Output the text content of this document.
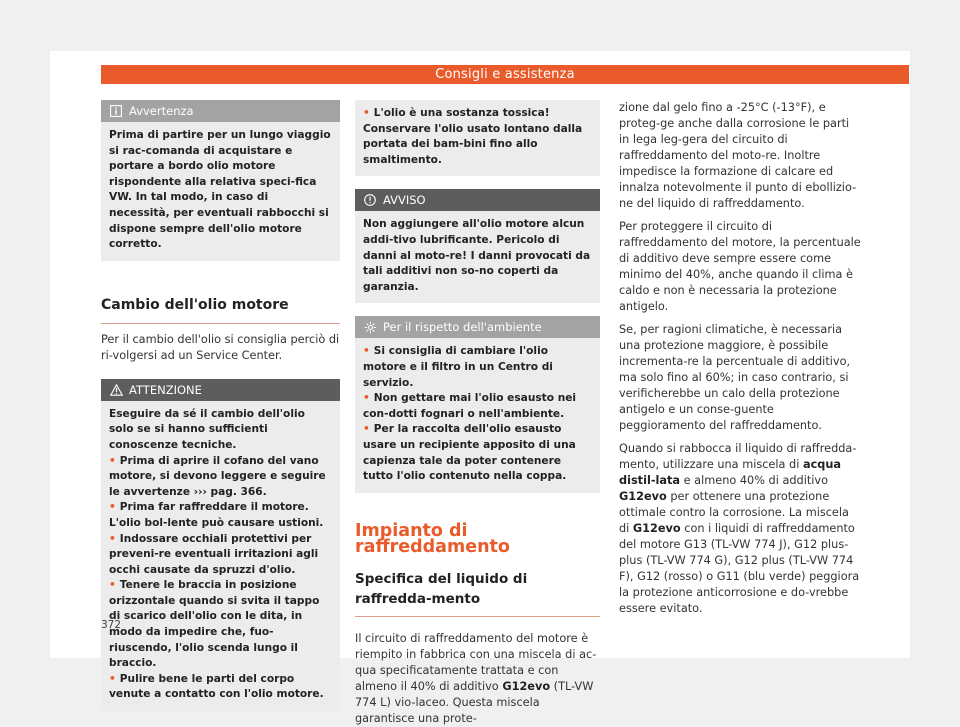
Consigli e assistenza
Avvertenza

Prima di partire per un lungo viaggio si rac-comanda di acquistare e portare a bordo olio motore rispondente alla relativa speci-fica VW. In tal modo, in caso di necessità, per eventuali rabbocchi si dispone sempre dell'olio motore corretto.

Cambio dell'olio motore

Per il cambio dell'olio si consiglia perciò di ri-volgersi ad un Service Center.

ATTENZIONE

Eseguire da sé il cambio dell'olio solo se si hanno sufficienti conoscenze tecniche.

• Prima di aprire il cofano del vano motore, si devono leggere e seguire le avvertenze ››› pag. 366.

• Prima far raffreddare il motore. L'olio bol-lente può causare ustioni.

• Indossare occhiali protettivi per preveni-re eventuali irritazioni agli occhi causate da spruzzi d'olio.

• Tenere le braccia in posizione orizzontale quando si svita il tappo di scarico dell'olio con le dita, in modo da impedire che, fuo-riuscendo, l'olio scenda lungo il braccio.

• Pulire bene le parti del corpo venute a contatto con l'olio motore.

• L'olio è una sostanza tossica! Conservare l'olio usato lontano dalla portata dei bam-bini fino allo smaltimento.

AVVISO

Non aggiungere all'olio motore alcun addi-tivo lubrificante. Pericolo di danni al moto-re! I danni provocati da tali additivi non so-no coperti da garanzia.

Per il rispetto dell'ambiente

• Si consiglia di cambiare l'olio motore e il filtro in un Centro di servizio.

• Non gettare mai l'olio esausto nei con-dotti fognari o nell'ambiente.

• Per la raccolta dell'olio esausto usare un recipiente apposito di una capienza tale da poter contenere tutto l'olio contenuto nella coppa.

Impianto di raffreddamento
Specifica del liquido di raffredda-mento

Il circuito di raffreddamento del motore è riempito in fabbrica con una miscela di ac-qua specificatamente trattata e con almeno il 40% di additivo G12evo (TL-VW 774 L) vio-laceo. Questa miscela garantisce una prote-

zione dal gelo fino a -25°C (-13°F), e proteg-ge anche dalla corrosione le parti in lega leg-gera del circuito di raffreddamento del moto-re. Inoltre impedisce la formazione di calcare ed innalza notevolmente il punto di ebollizio-ne del liquido di raffreddamento.

Per proteggere il circuito di raffreddamento del motore, la percentuale di additivo deve sempre essere come minimo del 40%, anche quando il clima è caldo e non è necessaria la protezione antigelo.

Se, per ragioni climatiche, è necessaria una protezione maggiore, è possibile incrementa-re la percentuale di additivo, ma solo fino al 60%; in caso contrario, si verificherebbe un calo della protezione antigelo e un conse-guente peggioramento del raffreddamento.

Quando si rabbocca il liquido di raffredda-mento, utilizzare una miscela di acqua distil-lata e almeno 40% di additivo G12evo per ottenere una protezione ottimale contro la corrosione. La miscela di G12evo con i liquidi di raffreddamento del motore G13 (TL-VW 774 J), G12 plus-plus (TL-VW 774 G), G12 plus (TL-VW 774 F), G12 (rosso) o G11 (blu verde) peggiora la protezione anticorrosione e do-vrebbe essere evitato.

372
